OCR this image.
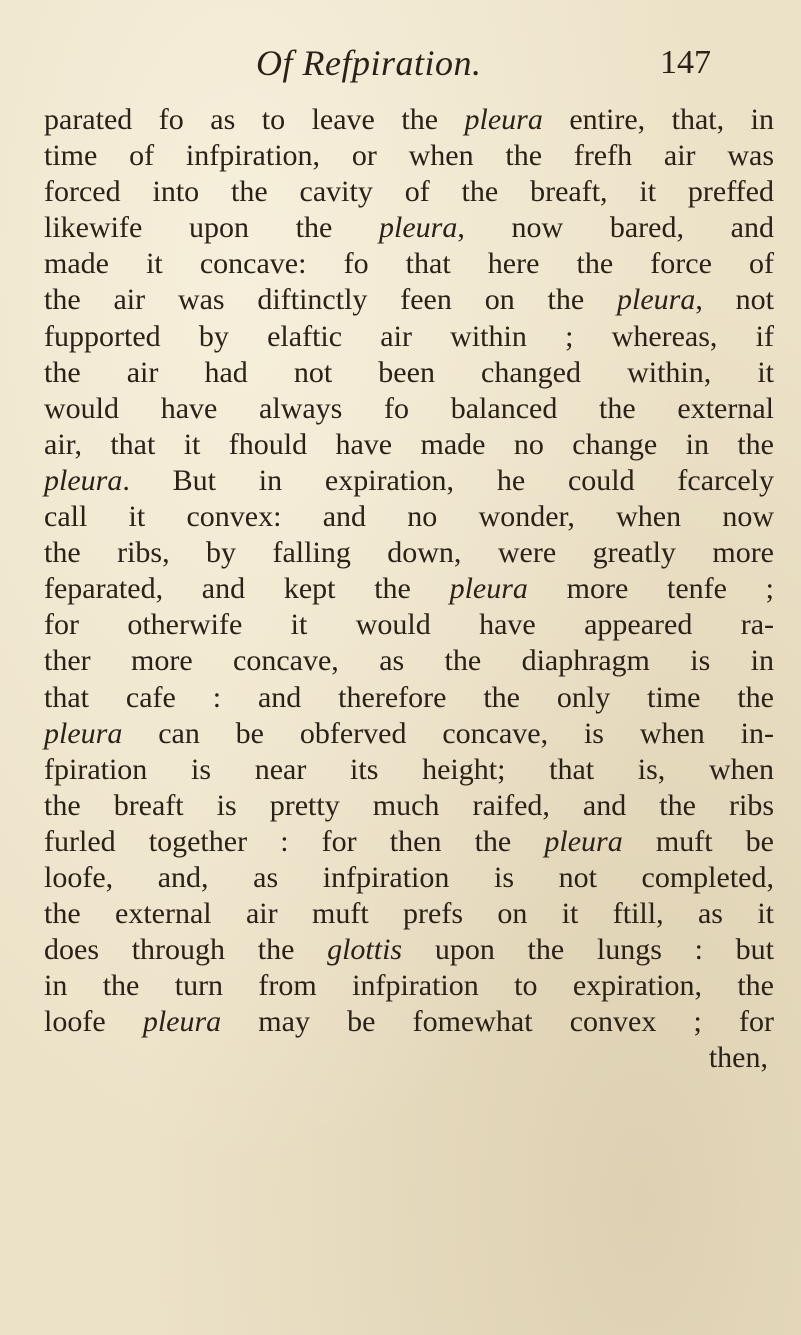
Of Refpiration.	147
parated fo as to leave the pleura entire, that, in
time of infpiration, or when the frefh air was
forced into the cavity of the breaft, it preffed
likewife upon the pleura, now bared, and
made it concave: fo that here the force of
the air was diftinctly feen on the pleura, not
fupported by elaftic air within ; whereas, if
the air had not been changed within, it
would have always fo balanced the external
air, that it fhould have made no change in the
pleura. But in expiration, he could fcarcely
call it convex: and no wonder, when now
the ribs, by falling down, were greatly more
feparated, and kept the pleura more tenfe ;
for otherwife it would have appeared ra-
ther more concave, as the diaphragm is in
that cafe : and therefore the only time the
pleura can be obferved concave, is when in-
fpiration is near its height; that is, when
the breaft is pretty much raifed, and the ribs
furled together : for then the pleura muft be
loofe, and, as infpiration is not completed,
the external air muft prefs on it ftill, as it
does through the glottis upon the lungs : but
in the turn from infpiration to expiration, the
loofe pleura may be fomewhat convex ; for
then,
